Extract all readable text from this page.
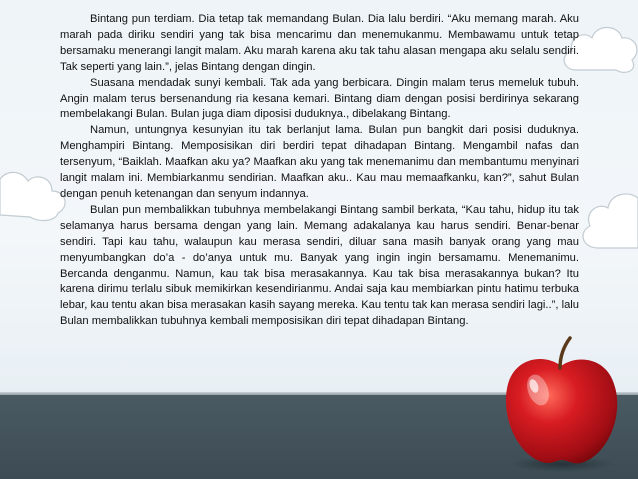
Bintang pun terdiam. Dia tetap tak memandang Bulan. Dia lalu berdiri. “Aku memang marah. Aku marah pada diriku sendiri yang tak bisa mencarimu dan menemukanmu. Membawamu untuk tetap bersamaku menerangi langit malam. Aku marah karena aku tak tahu alasan mengapa aku selalu sendiri. Tak seperti yang lain.”, jelas Bintang dengan dingin.

Suasana mendadak sunyi kembali. Tak ada yang berbicara. Dingin malam terus memeluk tubuh. Angin malam terus bersenandung ria kesana kemari. Bintang diam dengan posisi berdirinya sekarang membelakangi Bulan. Bulan juga diam diposisi duduknya., dibelakang Bintang.

Namun, untungnya kesunyian itu tak berlanjut lama. Bulan pun bangkit dari posisi duduknya. Menghampiri Bintang. Memposisikan diri berdiri tepat dihadapan Bintang. Mengambil nafas dan tersenyum, “Baiklah. Maafkan aku ya? Maafkan aku yang tak menemanimu dan membantumu menyinari langit malam ini. Membiarkanmu sendirian. Maafkan aku.. Kau mau memaafkanku, kan?”, sahut Bulan dengan penuh ketenangan dan senyum indannya.

Bulan pun membalikkan tubuhnya membelakangi Bintang sambil berkata, “Kau tahu, hidup itu tak selamanya harus bersama dengan yang lain. Memang adakalanya kau harus sendiri. Benar-benar sendiri. Tapi kau tahu, walaupun kau merasa sendiri, diluar sana masih banyak orang yang mau menyumbangkan do’a - do’anya untuk mu. Banyak yang ingin ingin bersamamu. Menemanimu. Bercanda denganmu. Namun, kau tak bisa merasakannya. Kau tak bisa merasakannya bukan? Itu karena dirimu terlalu sibuk memikirkan kesendirianmu. Andai saja kau membiarkan pintu hatimu terbuka lebar, kau tentu akan bisa merasakan kasih sayang mereka. Kau tentu tak kan merasa sendiri lagi..”, lalu Bulan membalikkan tubuhnya kembali memposisikan diri tepat dihadapan Bintang.
